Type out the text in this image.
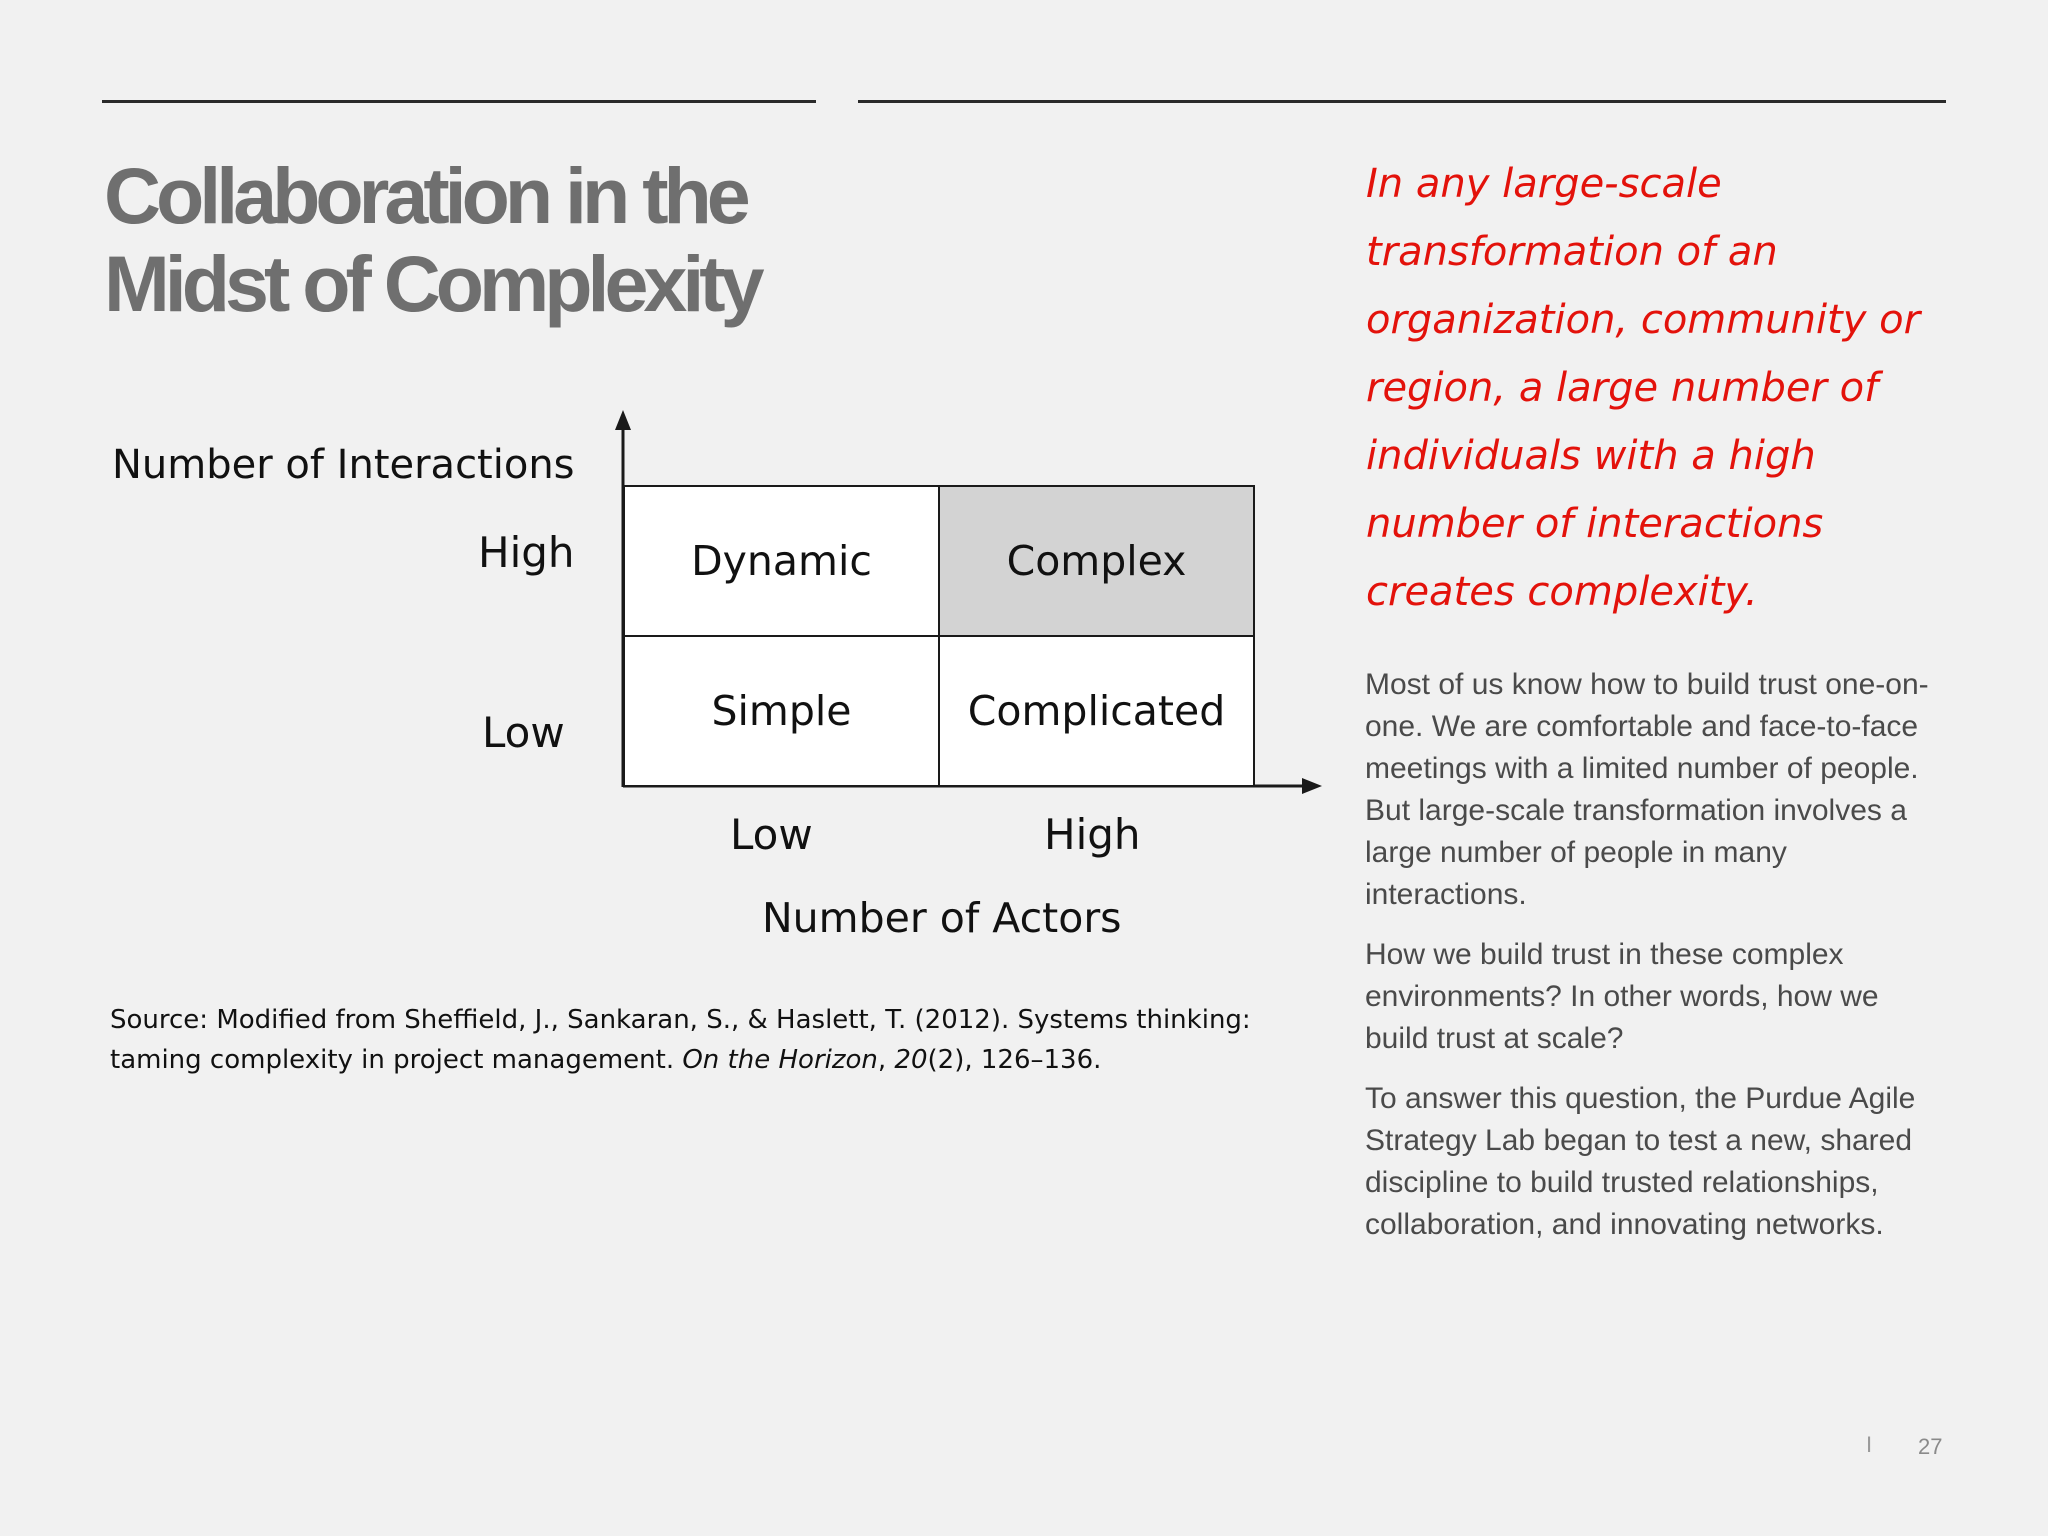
Collaboration in the Midst of Complexity
Number of Interactions
High
Low
Dynamic	Complex
Simple	Complicated
Low	High
Number of Actors
Source: Modified from Sheffield, J., Sankaran, S., & Haslett, T. (2012). Systems thinking: taming complexity in project management. On the Horizon, 20(2), 126–136.

In any large-scale transformation of an organization, community or region, a large number of individuals with a high number of interactions creates complexity.

Most of us know how to build trust one-on-one. We are comfortable and face-to-face meetings with a limited number of people. But large-scale transformation involves a large number of people in many interactions.

How we build trust in these complex environments? In other words, how we build trust at scale?

To answer this question, the Purdue Agile Strategy Lab began to test a new, shared discipline to build trusted relationships, collaboration, and innovating networks.

I 27
